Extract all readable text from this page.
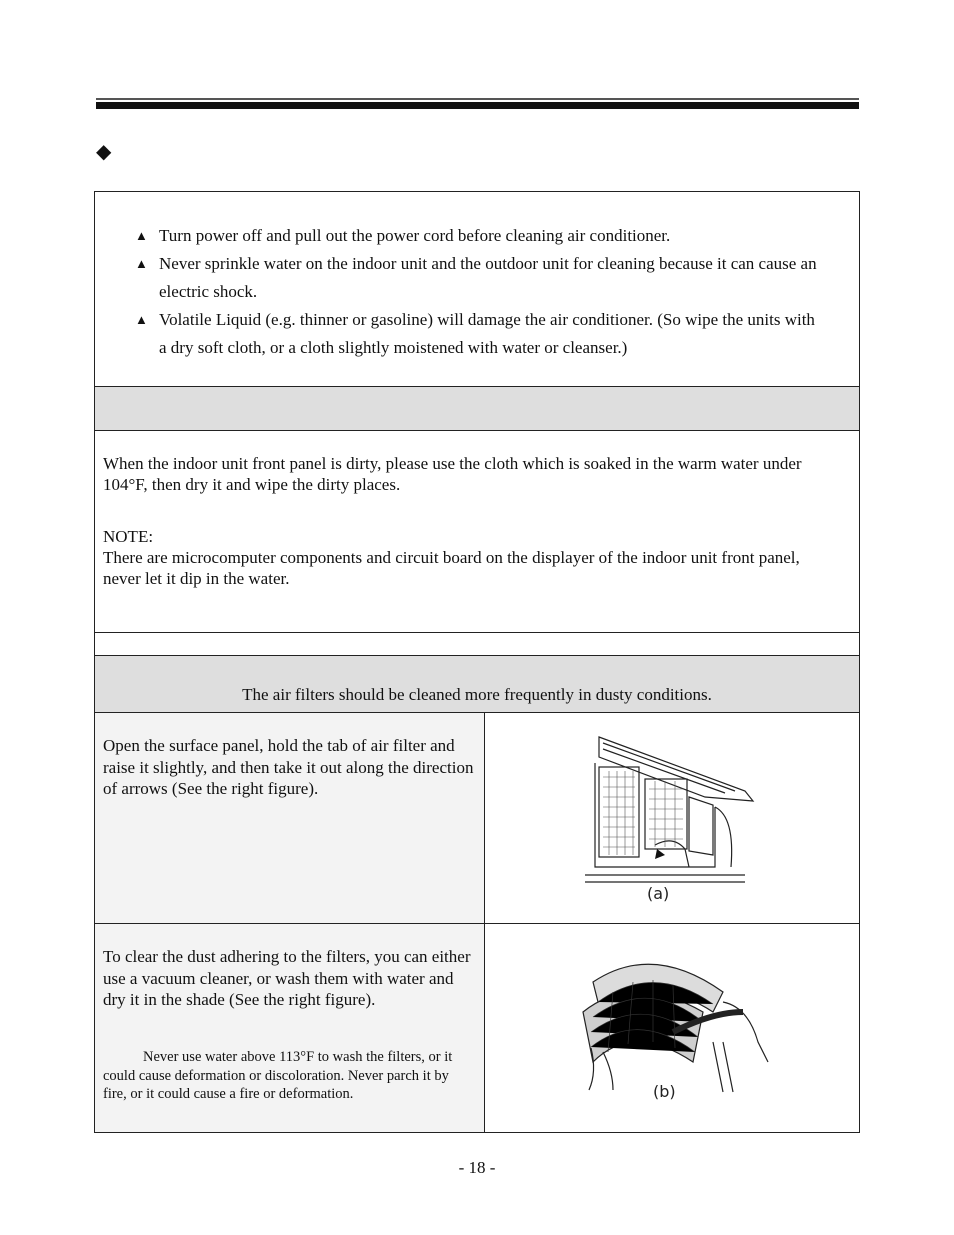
◆
▲ Turn power off and pull out the power cord before cleaning air conditioner.
▲ Never sprinkle water on the indoor unit and the outdoor unit for cleaning because it can cause an electric shock.
▲ Volatile Liquid (e.g. thinner or gasoline) will damage the air conditioner. (So wipe the units with a dry soft cloth, or a cloth slightly moistened with water or cleanser.)
When the indoor unit front panel is dirty, please use the cloth which is soaked in the warm water under 104°F, then dry it and wipe the dirty places.
NOTE:
There are microcomputer components and circuit board on the displayer of the indoor unit front panel, never let it dip in the water.
The air filters should be cleaned more frequently in dusty conditions.
Open the surface panel, hold the tab of air filter and raise it slightly, and then take it out along the direction of arrows (See the right figure).
(a)
To clear the dust adhering to the filters, you can either use a vacuum cleaner, or wash them with water and dry it in the shade (See the right figure).
Never use water above 113°F to wash the filters, or it could cause deformation or discoloration. Never parch it by fire, or it could cause a fire or deformation.	(b)
- 18 -
